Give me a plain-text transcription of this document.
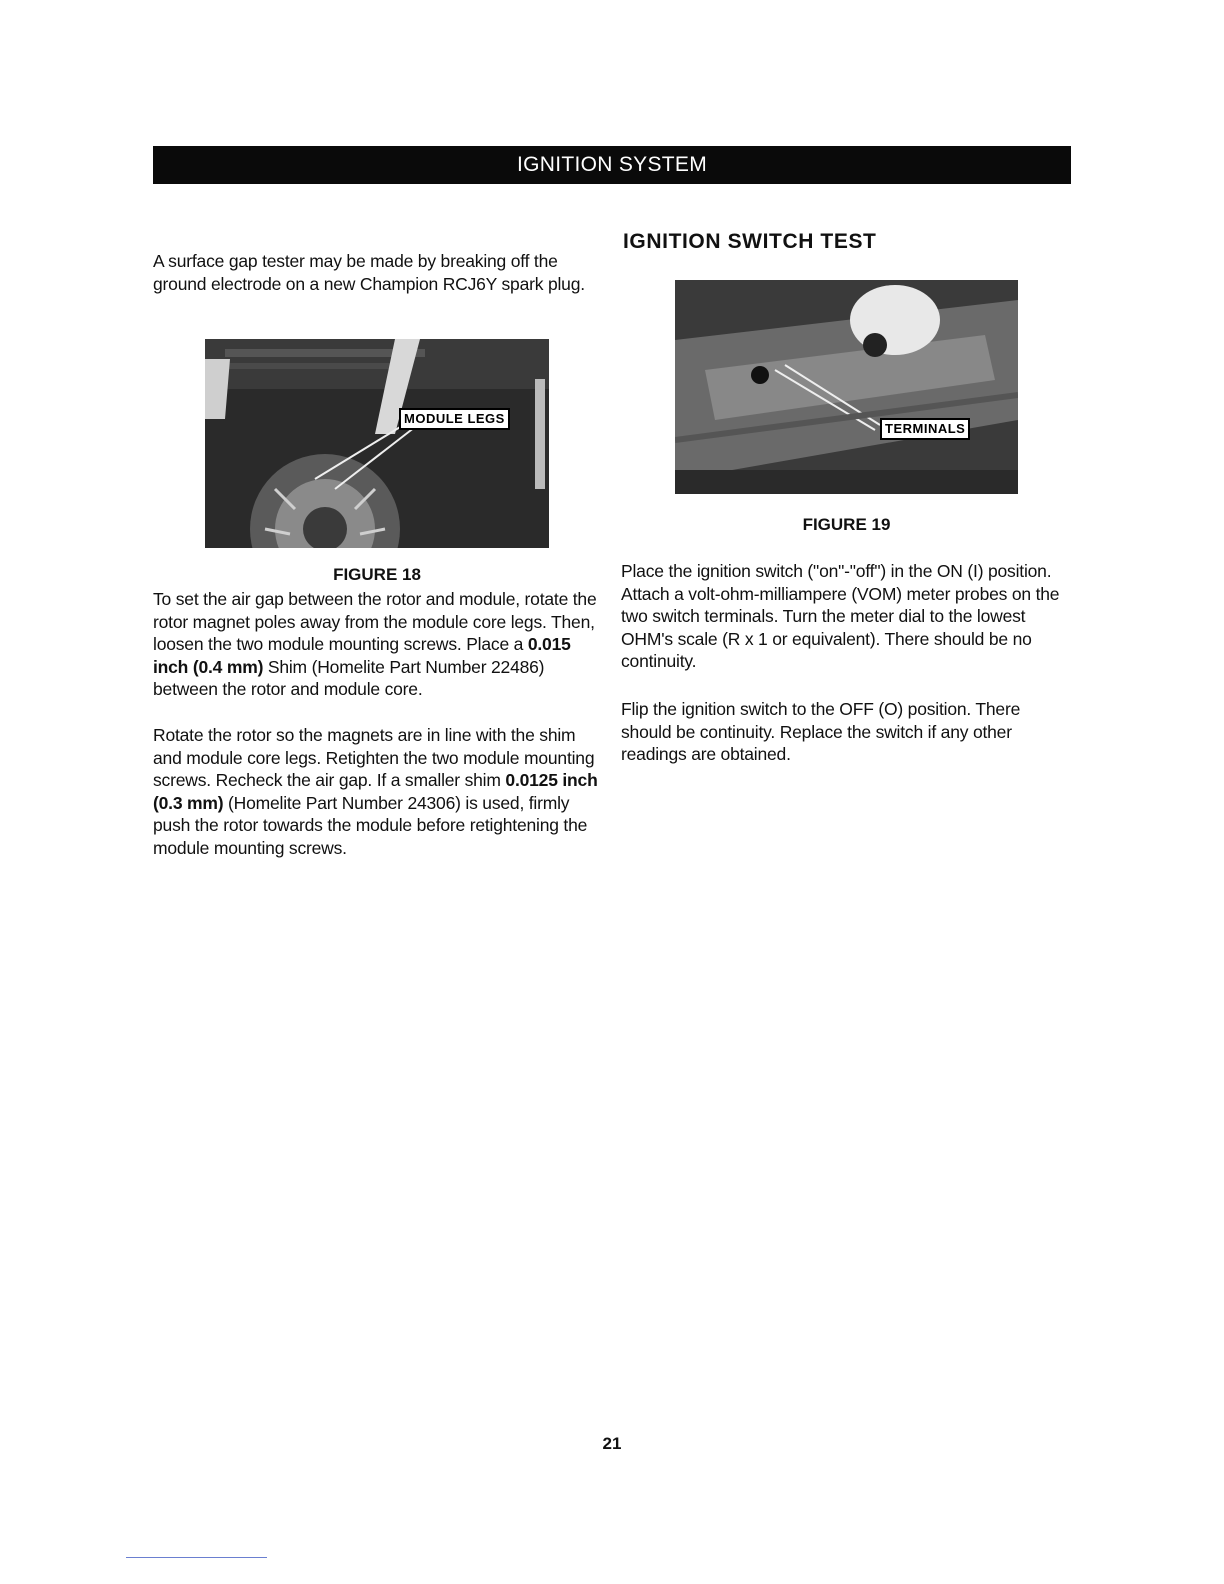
IGNITION SYSTEM

A surface gap tester may be made by breaking off the ground electrode on a new Champion RCJ6Y spark plug.

MODULE LEGS
FIGURE 18

To set the air gap between the rotor and module, rotate the rotor magnet poles away from the module core legs. Then, loosen the two module mounting screws. Place a 0.015 inch (0.4 mm) Shim (Homelite Part Number 22486) between the rotor and module core.

Rotate the rotor so the magnets are in line with the shim and module core legs. Retighten the two module mounting screws. Recheck the air gap. If a smaller shim 0.0125 inch (0.3 mm) (Homelite Part Number 24306) is used, firmly push the rotor towards the module before retightening the module mounting screws.

IGNITION SWITCH TEST
TERMINALS
FIGURE 19

Place the ignition switch ("on"-"off") in the ON (I) position. Attach a volt-ohm-milliampere (VOM) meter probes on the two switch terminals. Turn the meter dial to the lowest OHM's scale (R x 1 or equivalent). There should be no continuity.

Flip the ignition switch to the OFF (O) position. There should be continuity. Replace the switch if any other readings are obtained.

21
